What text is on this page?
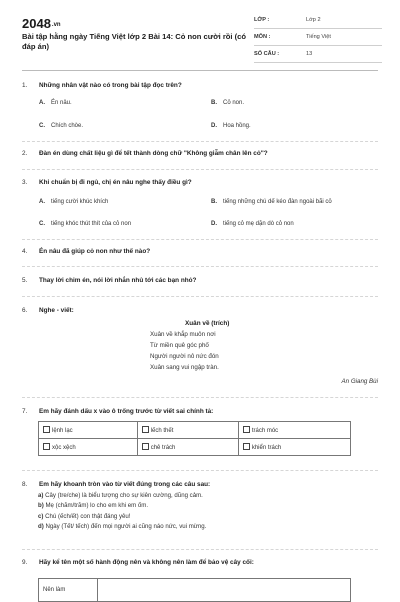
2048.vn
Bài tập hằng ngày Tiếng Việt lớp 2 Bài 14: Cỏ non cười rồi (có đáp án)
LỚP :	Lớp 2
MÔN :	Tiếng Việt
SỐ CÂU :	13
1. Những nhân vật nào có trong bài tập đọc trên?
A. Én nâu.	B. Cỏ non.
C. Chích chòe.	D. Hoa hồng.
2. Đàn én dùng chất liệu gì để tết thành dòng chữ "Không giẫm chân lên cỏ"?
3. Khi chuẩn bị đi ngủ, chị én nâu nghe thấy điều gì?
A. tiếng cười khúc khích	B. tiếng những chú dế kéo đàn ngoài bãi cỏ
C. tiếng khóc thút thít của cỏ non	D. tiếng cỏ mẹ dặn dò cỏ non
4. Én nâu đã giúp cỏ non như thế nào?
5. Thay lời chim én, nói lời nhắn nhủ tới các bạn nhỏ?
6. Nghe - viết:
Xuân về (trích)
Xuân về khắp muôn nơi
Từ miền quê góc phố
Người người nô nức đón
Xuân sang vui ngập tràn.
An Giang Bùi
7. Em hãy đánh dấu x vào ô trống trước từ viết sai chính tả:
lệnh lạc	lếch thết	trách móc
xộc xệch	chê trách	khiển trách
8. Em hãy khoanh tròn vào từ viết đúng trong các câu sau:
a) Cây (tre/che) là biểu tượng cho sự kiên cường, dũng cảm.
b) Mẹ (chăm/trăm) lo cho em khi em ốm.
c) Chú (ếch/ết) con thật đáng yêu!
d) Ngày (Tết/ tếch) đến mọi người ai cũng náo nức, vui mừng.
9. Hãy kể tên một số hành động nên và không nên làm để bảo vệ cây cối:
Nên làm	
